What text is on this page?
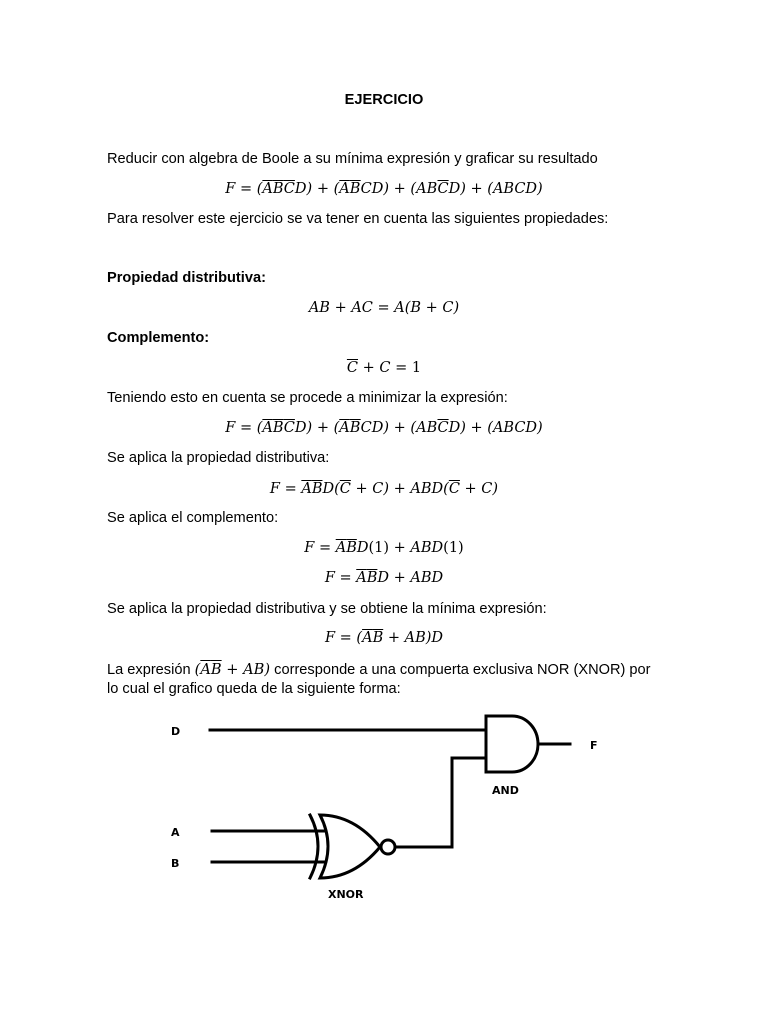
EJERCICIO
Reducir con algebra de Boole a su mínima expresión y graficar su resultado
$F = (\overline{A}\overline{B}\overline{C}D) + (\overline{A}\overline{B}CD) + (AB\overline{C}D)$ + (ABCD)
Para resolver este ejercicio se va tener en cuenta las siguientes propiedades:
Propiedad distributiva:
AB + AC = A(B + C)
Complemento:
$\overline{C} + C = 1$
Teniendo esto en cuenta se procede a minimizar la expresión:
$F = (\overline{A}\overline{B}\overline{C}D) + (\overline{A}\overline{B}CD) + (AB\overline{C}D)$ + (ABCD)
Se aplica la propiedad distributiva:
$F = \overline{A}\overline{B}D(\overline{C} + C) + ABD(\overline{C} + C)$
Se aplica el complemento:
$F = \overline{A}\overline{B}D(1) + ABD(1)$
$F = \overline{A}\overline{B}D$ + ABD
Se aplica la propiedad distributiva y se obtiene la mínima expresión:
$F = (\overline{A}\overline{B} + AB)D$
La expresión $(\overline{A}\overline{B} + AB)$ corresponde a una compuerta exclusiva NOR (XNOR) por
lo cual el grafico queda de la siguiente forma:
D
F
AND
A
B
XNOR
